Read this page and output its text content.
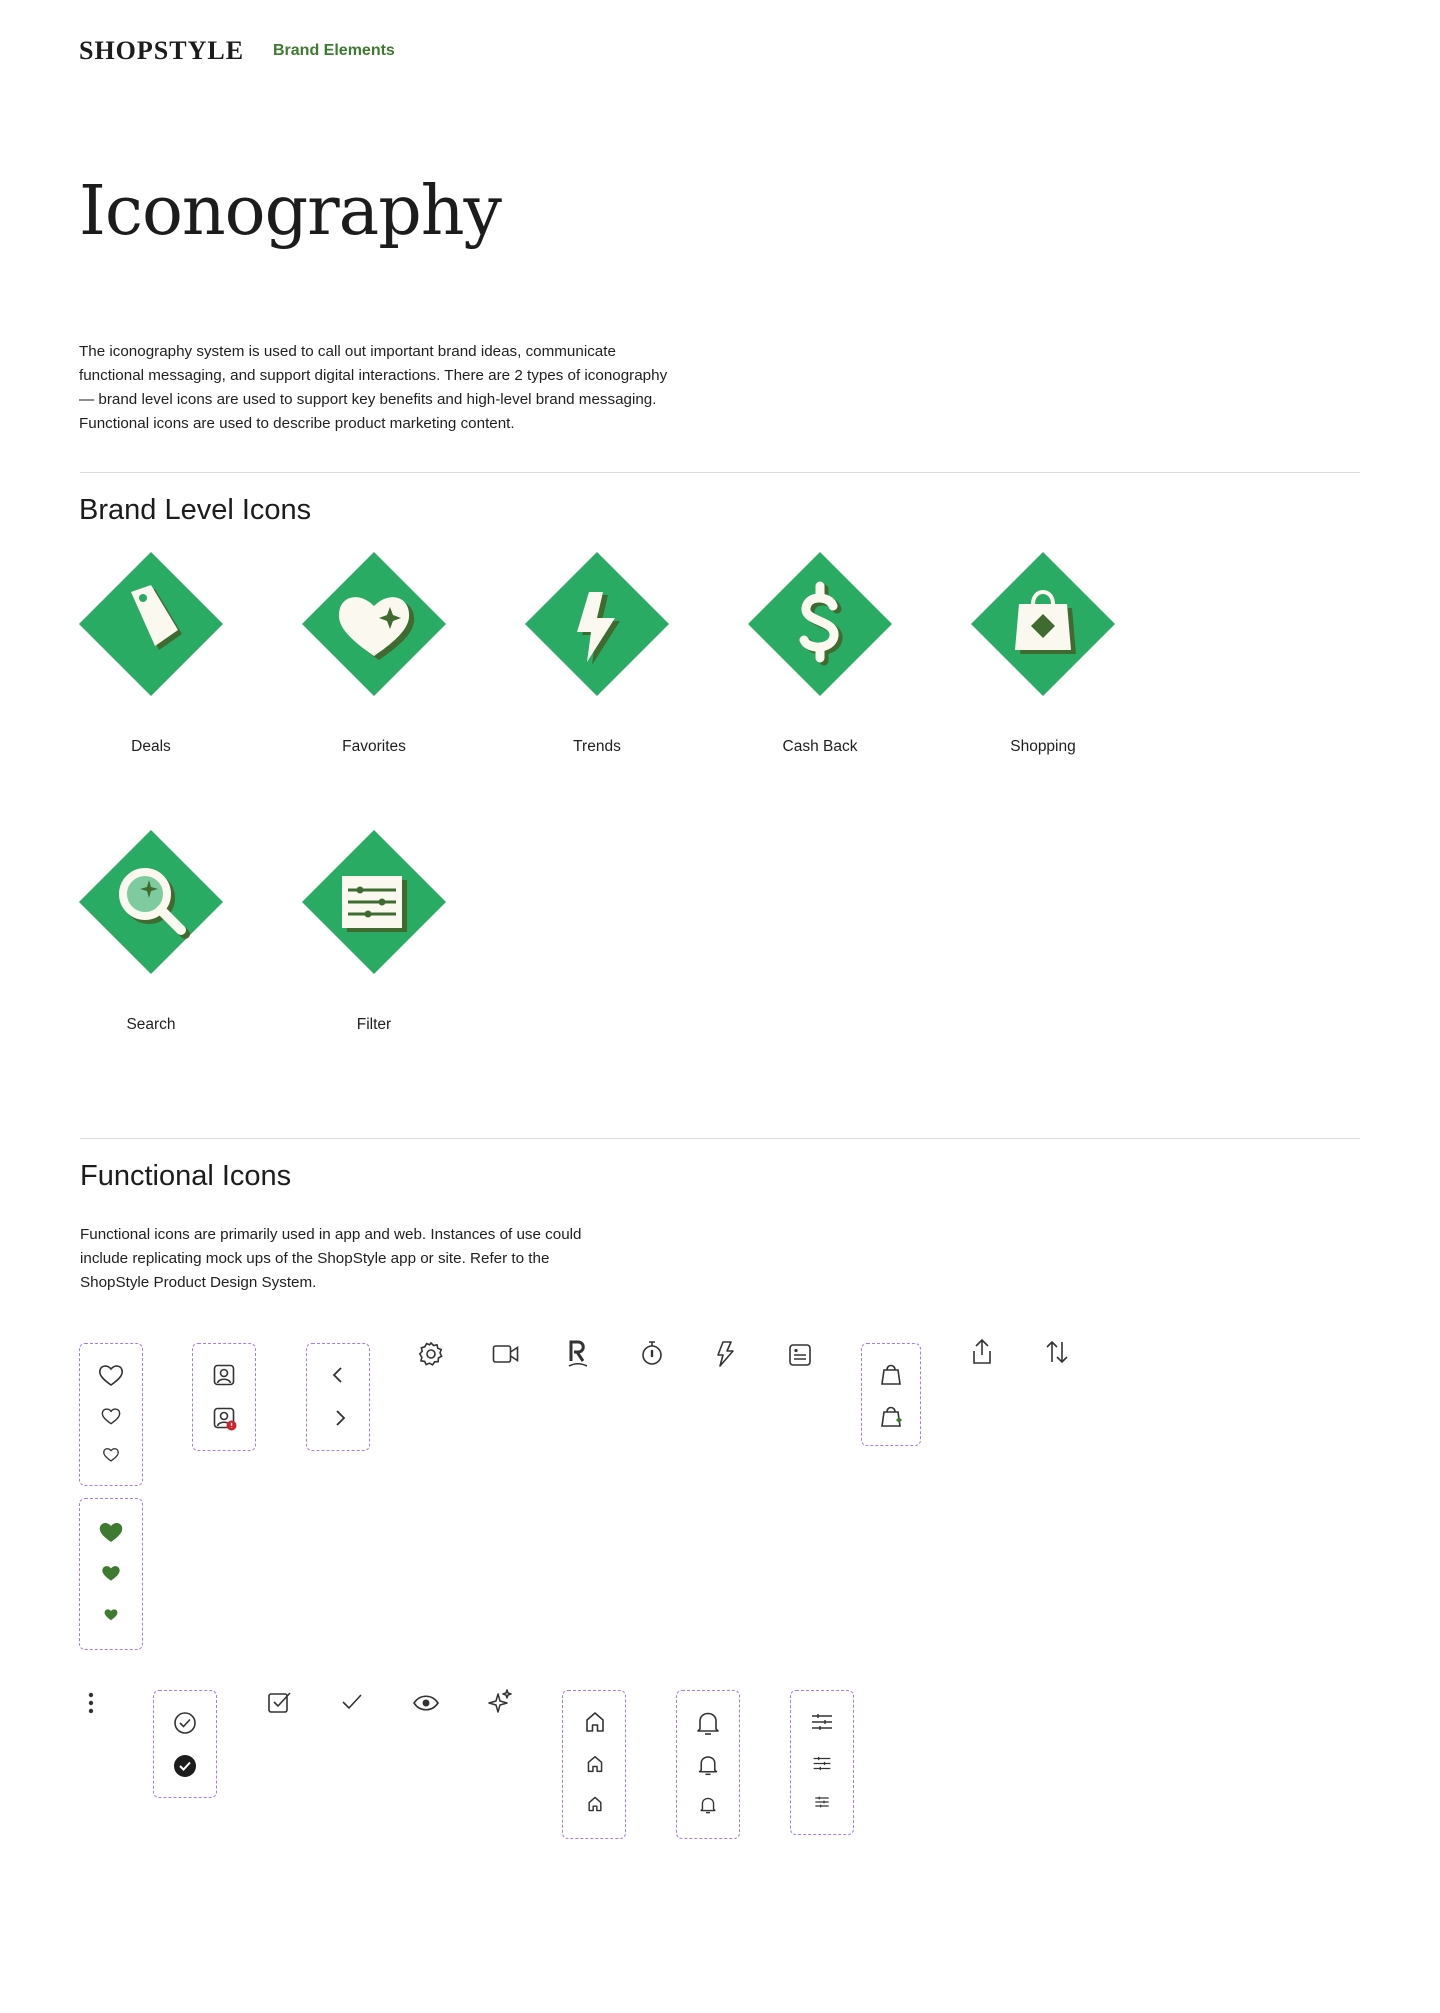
SHOPSTYLE Brand Elements
Iconography
The iconography system is used to call out important brand ideas, communicate functional messaging, and support digital interactions. There are 2 types of iconography — brand level icons are used to support key benefits and high-level brand messaging. Functional icons are used to describe product marketing content.
Brand Level Icons
Deals	Favorites	Trends	Cash Back	Shopping
Search	Filter
Functional Icons
Functional icons are primarily used in app and web. Instances of use could include replicating mock ups of the ShopStyle app or site. Refer to the ShopStyle Product Design System.
